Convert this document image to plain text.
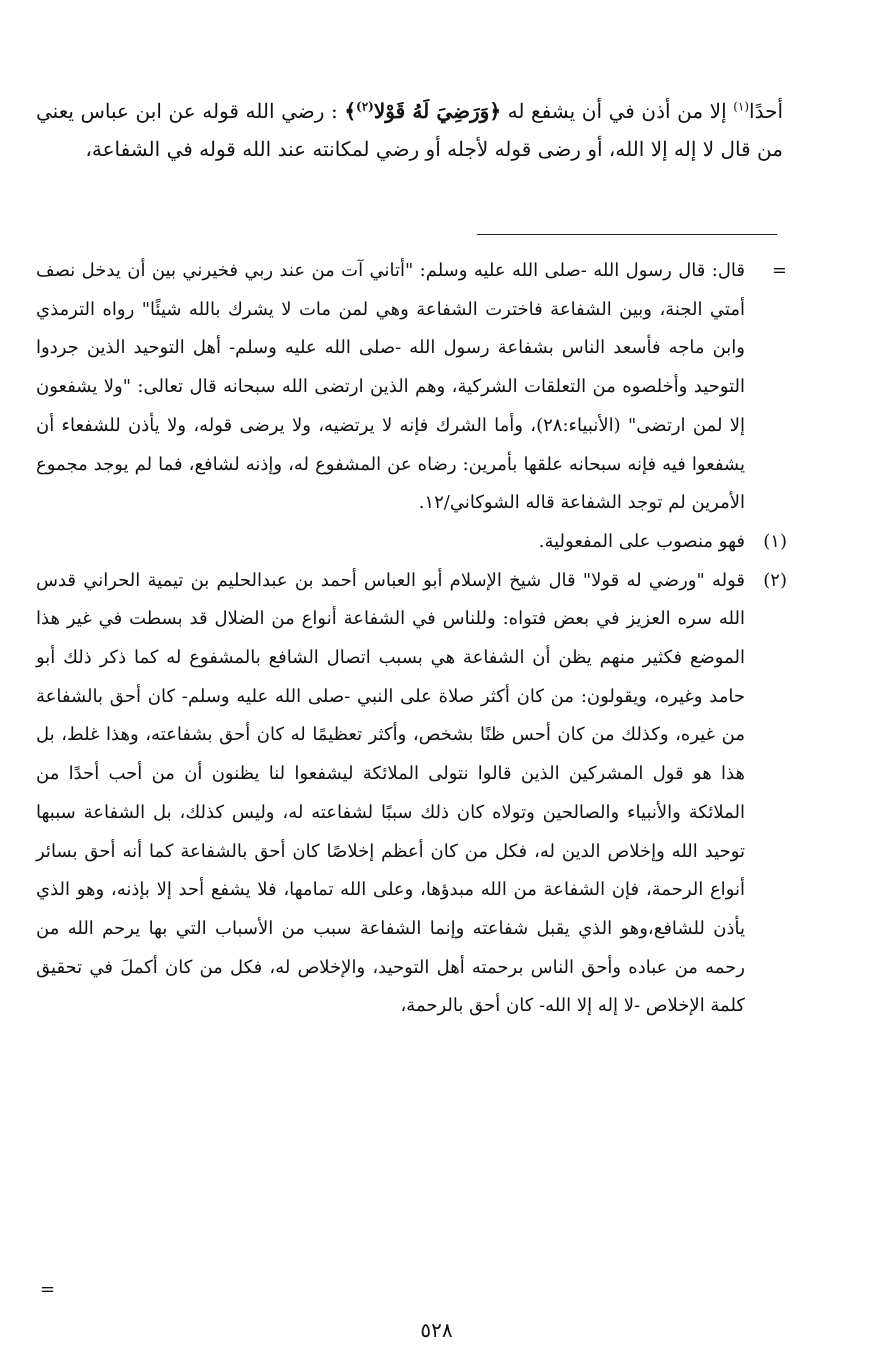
أحدًا$^{(١)}$ إلا من أذن في أن يشفع له ﴿وَرَضِيَ لَهُ قَوْلا$^{(٢)}$﴾ : رضي الله قوله عن ابن عباس يعني من قال لا إله إلا الله، أو رضى قوله لأجله أو رضي لمكانته عند الله قوله في الشفاعة،

=
قال: قال رسول الله -صلى الله عليه وسلم: "أتاني آت من عند ربي فخيرني بين أن يدخل نصف أمتي الجنة، وبين الشفاعة فاخترت الشفاعة وهي لمن مات لا يشرك بالله شيئًا" رواه الترمذي وابن ماجه فأسعد الناس بشفاعة رسول الله -صلى الله عليه وسلم- أهل التوحيد الذين جردوا التوحيد وأخلصوه من التعلقات الشركية، وهم الذين ارتضى الله سبحانه قال تعالى: "ولا يشفعون إلا لمن ارتضى" (الأنبياء:٢٨)، وأما الشرك فإنه لا يرتضيه، ولا يرضى قوله، ولا يأذن للشفعاء أن يشفعوا فيه فإنه سبحانه علقها بأمرين: رضاه عن المشفوع له، وإذنه لشافع، فما لم يوجد مجموع الأمرين لم توجد الشفاعة قاله الشوكاني/١٢.
(١)
فهو منصوب على المفعولية.
(٢)
قوله "ورضي له قولا" قال شيخ الإسلام أبو العباس أحمد بن عبدالحليم بن تيمية الحراني قدس الله سره العزيز في بعض فتواه: وللناس في الشفاعة أنواع من الضلال قد بسطت في غير هذا الموضع فكثير منهم يظن أن الشفاعة هي بسبب اتصال الشافع بالمشفوع له كما ذكر ذلك أبو حامد وغيره، ويقولون: من كان أكثر صلاة على النبي -صلى الله عليه وسلم- كان أحق بالشفاعة من غيره، وكذلك من كان أحس ظنًا بشخص، وأكثر تعظيمًا له كان أحق بشفاعته، وهذا غلط، بل هذا هو قول المشركين الذين قالوا نتولى الملائكة ليشفعوا لنا يظنون أن من أحب أحدًا من الملائكة والأنبياء والصالحين وتولاه كان ذلك سببًا لشفاعته له، وليس كذلك، بل الشفاعة سببها توحيد الله وإخلاص الدين له، فكل من كان أعظم إخلاصًا كان أحق بالشفاعة كما أنه أحق بسائر أنواع الرحمة، فإن الشفاعة من الله مبدؤها، وعلى الله تمامها، فلا يشفع أحد إلا بإذنه، وهو الذي يأذن للشافع،وهو الذي يقبل شفاعته وإنما الشفاعة سبب من الأسباب التي بها يرحم الله من رحمه من عباده وأحق الناس برحمته أهل التوحيد، والإخلاص له، فكل من كان أكملَ في تحقيق كلمة الإخلاص -لا إله إلا الله- كان أحق بالرحمة،
=
٥٢٨
